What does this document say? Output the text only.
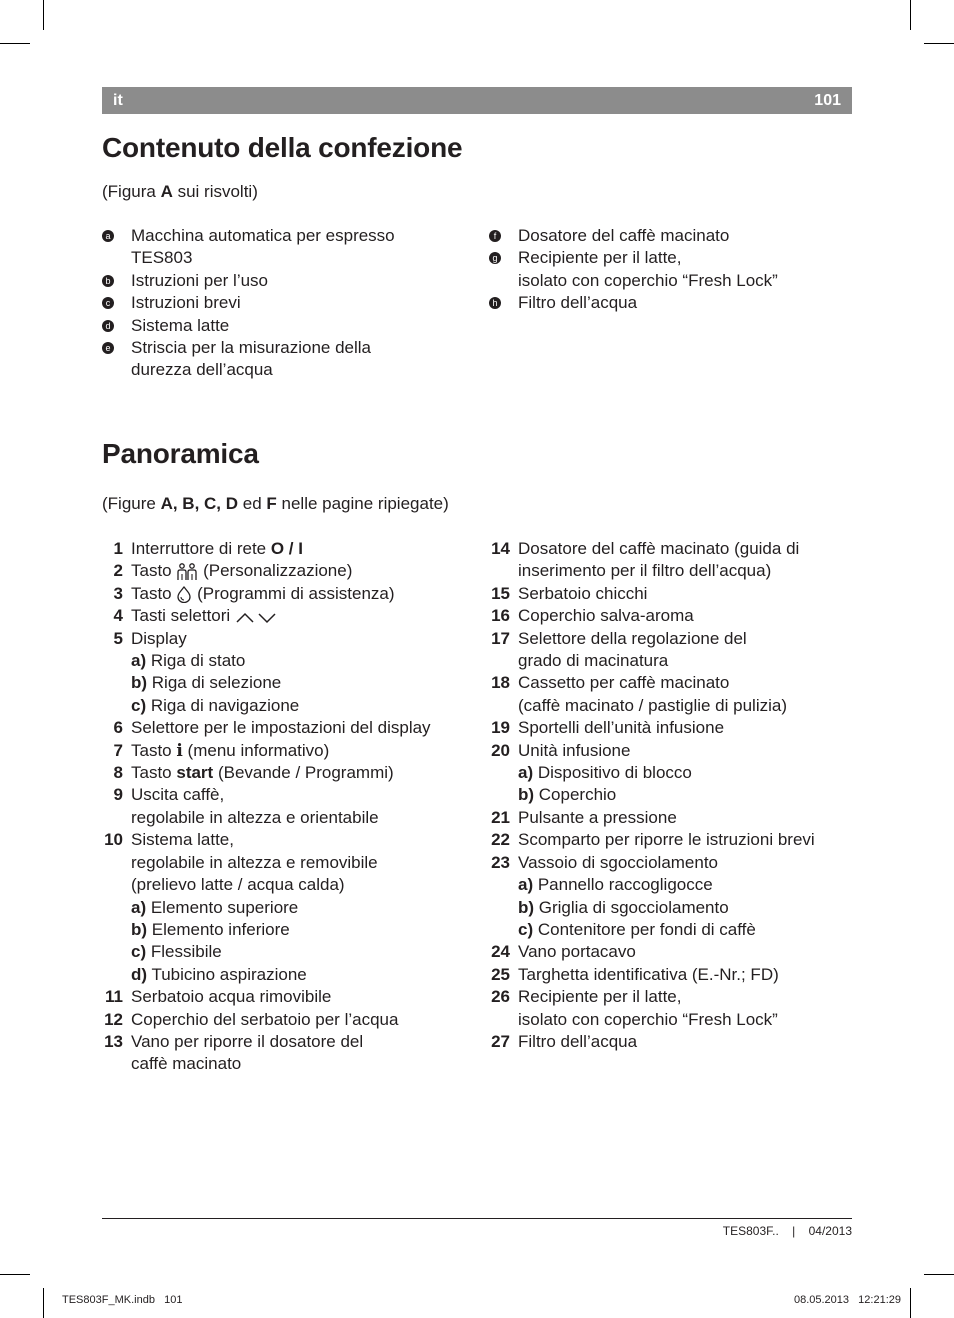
it	101
Contenuto della confezione
(Figura A sui risvolti)
a Macchina automatica per espresso
TES803
b Istruzioni per l’uso
c Istruzioni brevi
d Sistema latte
e Striscia per la misurazione della
durezza dell’acqua
f Dosatore del caffè macinato
g Recipiente per il latte,
isolato con coperchio “Fresh Lock”
h Filtro dell’acqua
Panoramica
(Figure A, B, C, D ed F nelle pagine ripiegate)
1 Interruttore di rete O / I
2 Tasto  (Personalizzazione)
3 Tasto  (Programmi di assistenza)
4 Tasti selettori
5 Display
a) Riga di stato
b) Riga di selezione
c) Riga di navigazione
6 Selettore per le impostazioni del display
7 Tasto i (menu informativo)
8 Tasto start (Bevande / Programmi)
9 Uscita caffè,
regolabile in altezza e orientabile
10 Sistema latte,
regolabile in altezza e removibile
(prelievo latte / acqua calda)
a) Elemento superiore
b) Elemento inferiore
c) Flessibile
d) Tubicino aspirazione
11 Serbatoio acqua rimovibile
12 Coperchio del serbatoio per l’acqua
13 Vano per riporre il dosatore del
caffè macinato
14 Dosatore del caffè macinato (guida di
inserimento per il filtro dell’acqua)
15 Serbatoio chicchi
16 Coperchio salva-aroma
17 Selettore della regolazione del
grado di macinatura
18 Cassetto per caffè macinato
(caffè macinato / pastiglie di pulizia)
19 Sportelli dell’unità infusione
20 Unità infusione
a) Dispositivo di blocco
b) Coperchio
21 Pulsante a pressione
22 Scomparto per riporre le istruzioni brevi
23 Vassoio di sgocciolamento
a) Pannello raccogligocce
b) Griglia di sgocciolamento
c) Contenitore per fondi di caffè
24 Vano portacavo
25 Targhetta identificativa (E.-Nr.; FD)
26 Recipiente per il latte,
isolato con coperchio “Fresh Lock”
27 Filtro dell’acqua
TES803F.. | 04/2013
TES803F_MK.indb   101	08.05.2013   12:21:29
